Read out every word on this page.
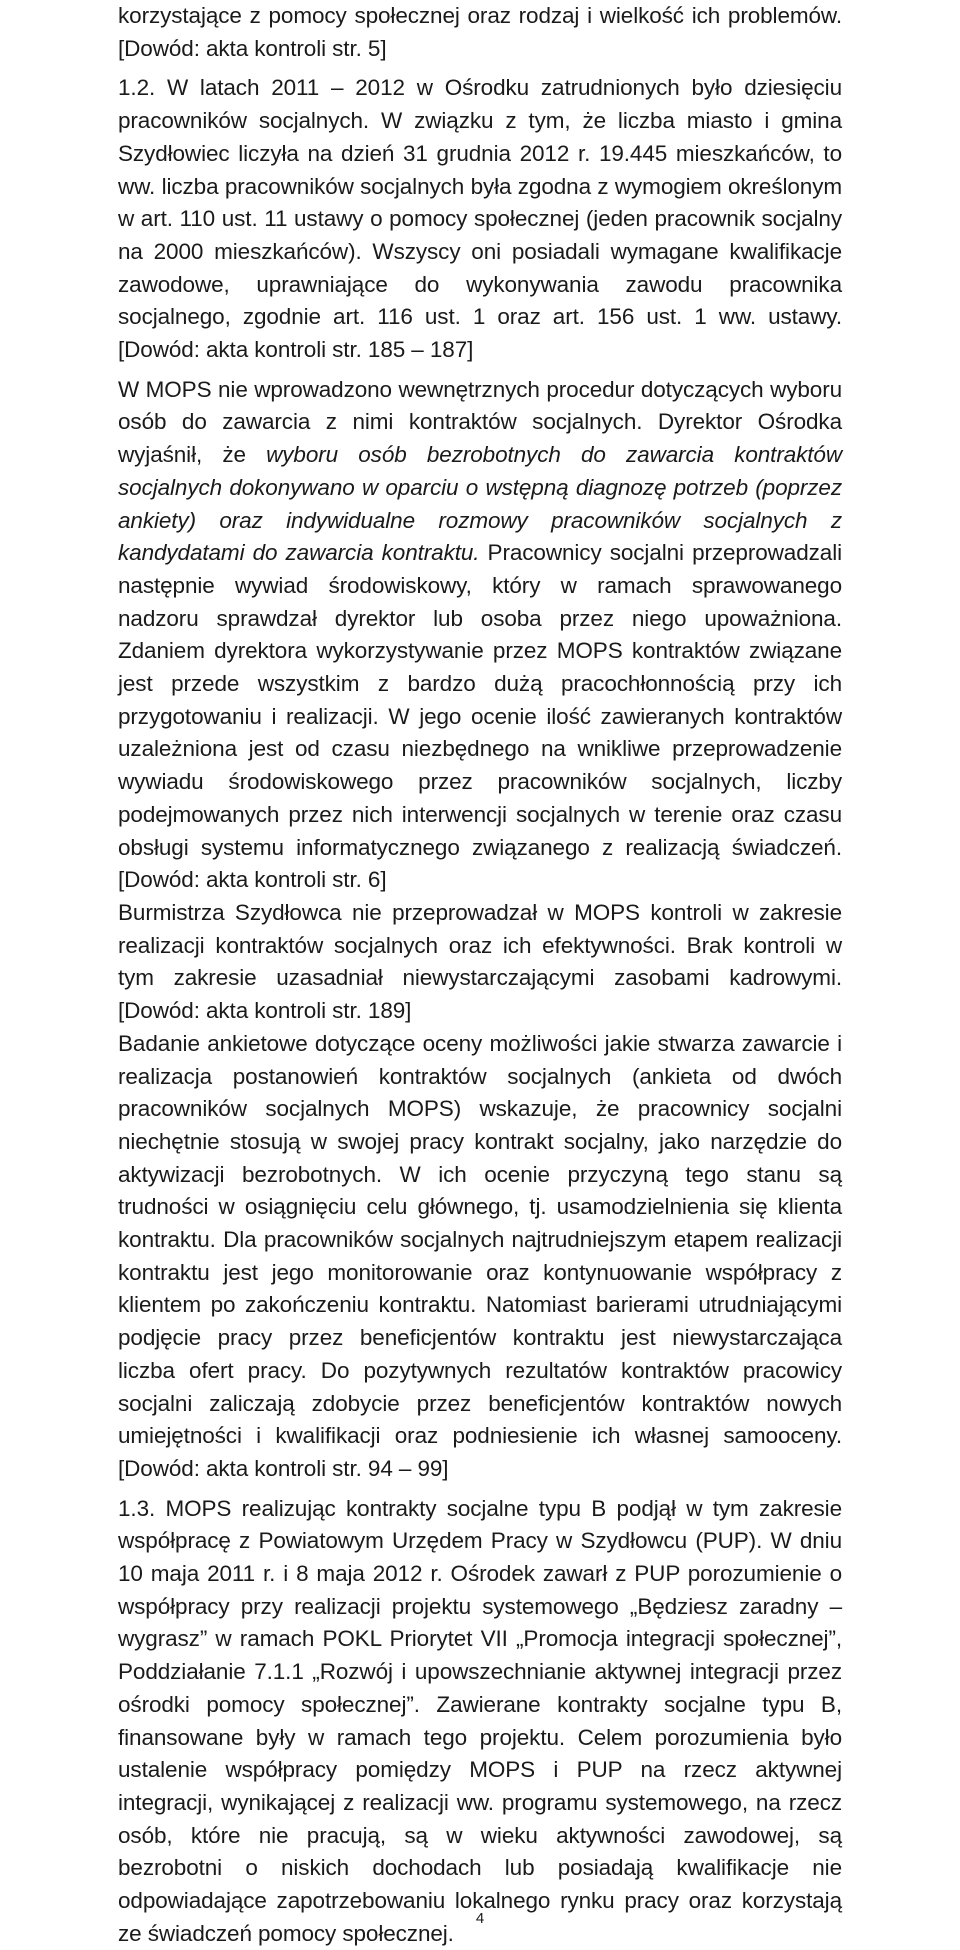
korzystające z pomocy społecznej oraz rodzaj i wielkość ich problemów. [Dowód: akta kontroli str. 5]

1.2. W latach 2011 – 2012 w Ośrodku zatrudnionych było dziesięciu pracowników socjalnych. W związku z tym, że liczba miasto i gmina Szydłowiec liczyła na dzień 31 grudnia 2012 r. 19.445 mieszkańców, to ww. liczba pracowników socjalnych była zgodna z wymogiem określonym w art. 110 ust. 11 ustawy o pomocy społecznej (jeden pracownik socjalny na 2000 mieszkańców). Wszyscy oni posiadali wymagane kwalifikacje zawodowe, uprawniające do wykonywania zawodu pracownika socjalnego, zgodnie art. 116 ust. 1 oraz art. 156 ust. 1 ww. ustawy. [Dowód: akta kontroli str. 185 – 187]

W MOPS nie wprowadzono wewnętrznych procedur dotyczących wyboru osób do zawarcia z nimi kontraktów socjalnych. Dyrektor Ośrodka wyjaśnił, że wyboru osób bezrobotnych do zawarcia kontraktów socjalnych dokonywano w oparciu o wstępną diagnozę potrzeb (poprzez ankiety) oraz indywidualne rozmowy pracowników socjalnych z kandydatami do zawarcia kontraktu. Pracownicy socjalni przeprowadzali następnie wywiad środowiskowy, który w ramach sprawowanego nadzoru sprawdzał dyrektor lub osoba przez niego upoważniona. Zdaniem dyrektora wykorzystywanie przez MOPS kontraktów związane jest przede wszystkim z bardzo dużą pracochłonnością przy ich przygotowaniu i realizacji. W jego ocenie ilość zawieranych kontraktów uzależniona jest od czasu niezbędnego na wnikliwe przeprowadzenie wywiadu środowiskowego przez pracowników socjalnych, liczby podejmowanych przez nich interwencji socjalnych w terenie oraz czasu obsługi systemu informatycznego związanego z realizacją świadczeń. [Dowód: akta kontroli str. 6]

Burmistrza Szydłowca nie przeprowadzał w MOPS kontroli w zakresie realizacji kontraktów socjalnych oraz ich efektywności. Brak kontroli w tym zakresie uzasadniał niewystarczającymi zasobami kadrowymi. [Dowód: akta kontroli str. 189]

Badanie ankietowe dotyczące oceny możliwości jakie stwarza zawarcie i realizacja postanowień kontraktów socjalnych (ankieta od dwóch pracowników socjalnych MOPS) wskazuje, że pracownicy socjalni niechętnie stosują w swojej pracy kontrakt socjalny, jako narzędzie do aktywizacji bezrobotnych. W ich ocenie przyczyną tego stanu są trudności w osiągnięciu celu głównego, tj. usamodzielnienia się klienta kontraktu. Dla pracowników socjalnych najtrudniejszym etapem realizacji kontraktu jest jego monitorowanie oraz kontynuowanie współpracy z klientem po zakończeniu kontraktu. Natomiast barierami utrudniającymi podjęcie pracy przez beneficjentów kontraktu jest niewystarczająca liczba ofert pracy. Do pozytywnych rezultatów kontraktów pracowicy socjalni zaliczają zdobycie przez beneficjentów kontraktów nowych umiejętności i kwalifikacji oraz podniesienie ich własnej samooceny. [Dowód: akta kontroli str. 94 – 99]

1.3. MOPS realizując kontrakty socjalne typu B podjął w tym zakresie współpracę z Powiatowym Urzędem Pracy w Szydłowcu (PUP). W dniu 10 maja 2011 r. i 8 maja 2012 r. Ośrodek zawarł z PUP porozumienie o współpracy przy realizacji projektu systemowego „Będziesz zaradny – wygrasz” w ramach POKL Priorytet VII „Promocja integracji społecznej”, Poddziałanie 7.1.1 „Rozwój i upowszechnianie aktywnej integracji przez ośrodki pomocy społecznej”. Zawierane kontrakty socjalne typu B, finansowane były w ramach tego projektu. Celem porozumienia było ustalenie współpracy pomiędzy MOPS i PUP na rzecz aktywnej integracji, wynikającej z realizacji ww. programu systemowego, na rzecz osób, które nie pracują, są w wieku aktywności zawodowej, są bezrobotni o niskich dochodach lub posiadają kwalifikacje nie odpowiadające zapotrzebowaniu lokalnego rynku pracy oraz korzystają ze świadczeń pomocy społecznej.

4
